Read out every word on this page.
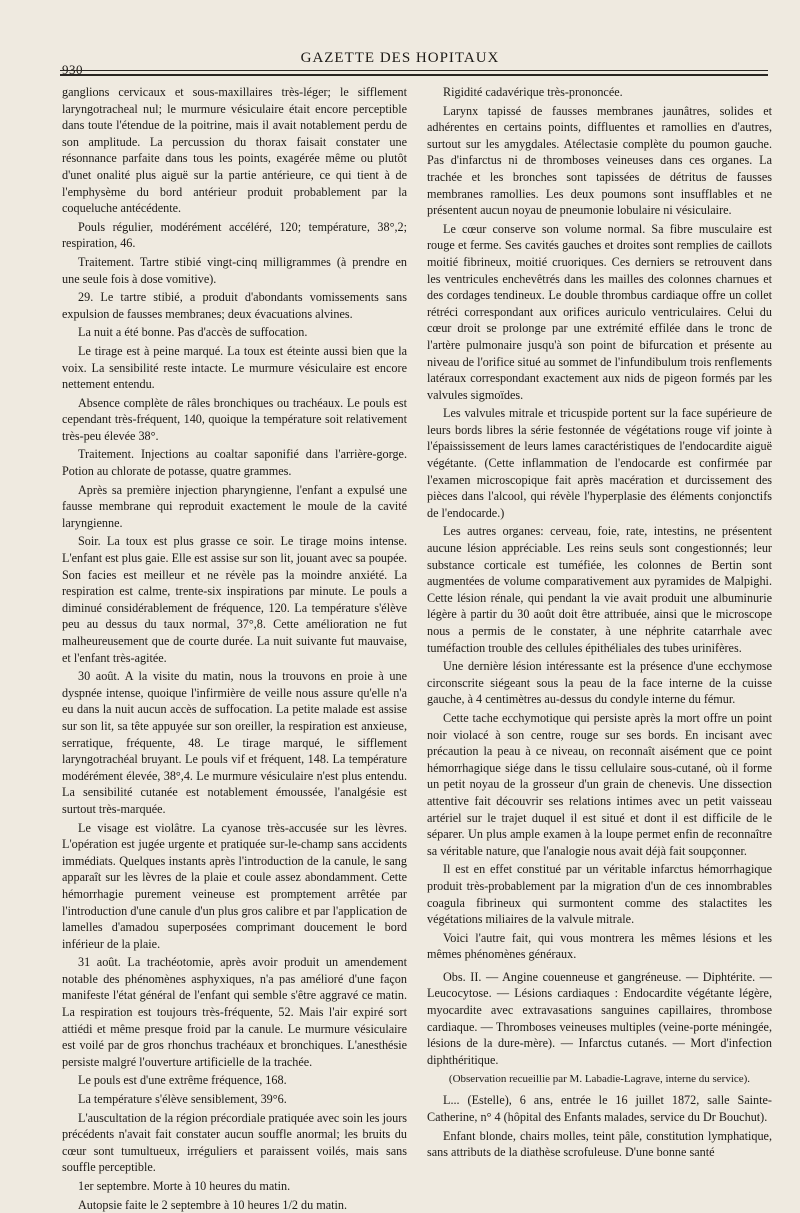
930
GAZETTE DES HOPITAUX

ganglions cervicaux et sous-maxillaires très-léger; le sifflement laryngotracheal nul; le murmure vésiculaire était encore perceptible dans toute l'étendue de la poitrine, mais il avait notablement perdu de son amplitude. La percussion du thorax faisait constater une résonnance parfaite dans tous les points, exagérée même ou plutôt d'unet onalité plus aiguë sur la partie antérieure, ce qui tient à de l'emphysème du bord antérieur produit probablement par la coqueluche antécédente.

Pouls régulier, modérément accéléré, 120; température, 38°,2; respiration, 46.

Traitement. Tartre stibié vingt-cinq milligrammes (à prendre en une seule fois à dose vomitive).

29. Le tartre stibié, a produit d'abondants vomissements sans expulsion de fausses membranes; deux évacuations alvines.

La nuit a été bonne. Pas d'accès de suffocation.

Le tirage est à peine marqué. La toux est éteinte aussi bien que la voix. La sensibilité reste intacte. Le murmure vésiculaire est encore nettement entendu.

Absence complète de râles bronchiques ou trachéaux. Le pouls est cependant très-fréquent, 140, quoique la température soit relativement très-peu élevée 38°.

Traitement. Injections au coaltar saponifié dans l'arrière-gorge. Potion au chlorate de potasse, quatre grammes.

Après sa première injection pharyngienne, l'enfant a expulsé une fausse membrane qui reproduit exactement le moule de la cavité laryngienne.

Soir. La toux est plus grasse ce soir. Le tirage moins intense. L'enfant est plus gaie. Elle est assise sur son lit, jouant avec sa poupée. Son facies est meilleur et ne révèle pas la moindre anxiété. La respiration est calme, trente-six inspirations par minute. Le pouls a diminué considérablement de fréquence, 120. La température s'élève peu au dessus du taux normal, 37°,8. Cette amélioration ne fut malheureusement que de courte durée. La nuit suivante fut mauvaise, et l'enfant très-agitée.

30 août. A la visite du matin, nous la trouvons en proie à une dyspnée intense, quoique l'infirmière de veille nous assure qu'elle n'a eu dans la nuit aucun accès de suffocation. La petite malade est assise sur son lit, sa tête appuyée sur son oreiller, la respiration est anxieuse, serratique, fréquente, 48. Le tirage marqué, le sifflement laryngotrachéal bruyant. Le pouls vif et fréquent, 148. La température modérément élevée, 38°,4. Le murmure vésiculaire n'est plus entendu. La sensibilité cutanée est notablement émoussée, l'analgésie est surtout très-marquée.

Le visage est violâtre. La cyanose très-accusée sur les lèvres. L'opération est jugée urgente et pratiquée sur-le-champ sans accidents immédiats. Quelques instants après l'introduction de la canule, le sang apparaît sur les lèvres de la plaie et coule assez abondamment. Cette hémorrhagie purement veineuse est promptement arrêtée par l'introduction d'une canule d'un plus gros calibre et par l'application de lamelles d'amadou superposées comprimant doucement le bord inférieur de la plaie.

31 août. La trachéotomie, après avoir produit un amendement notable des phénomènes asphyxiques, n'a pas amélioré d'une façon manifeste l'état général de l'enfant qui semble s'être aggravé ce matin. La respiration est toujours très-fréquente, 52. Mais l'air expiré sort attiédi et même presque froid par la canule. Le murmure vésiculaire est voilé par de gros rhonchus trachéaux et bronchiques. L'anesthésie persiste malgré l'ouverture artificielle de la trachée.

Le pouls est d'une extrême fréquence, 168.

La température s'élève sensiblement, 39°6.

L'auscultation de la région précordiale pratiquée avec soin les jours précédents n'avait fait constater aucun souffle anormal; les bruits du cœur sont tumultueux, irréguliers et paraissent voilés, mais sans souffle perceptible.

1er septembre. Morte à 10 heures du matin.

Autopsie faite le 2 septembre à 10 heures 1/2 du matin.

Rigidité cadavérique très-prononcée.

Larynx tapissé de fausses membranes jaunâtres, solides et adhérentes en certains points, diffluentes et ramollies en d'autres, surtout sur les amygdales. Atélectasie complète du poumon gauche. Pas d'infarctus ni de thromboses veineuses dans ces organes. La trachée et les bronches sont tapissées de détritus de fausses membranes ramollies. Les deux poumons sont insufflables et ne présentent aucun noyau de pneumonie lobulaire ni vésiculaire.

Le cœur conserve son volume normal. Sa fibre musculaire est rouge et ferme. Ses cavités gauches et droites sont remplies de caillots moitié fibrineux, moitié cruoriques. Ces derniers se retrouvent dans les ventricules enchevêtrés dans les mailles des colonnes charnues et des cordages tendineux. Le double thrombus cardiaque offre un collet rétréci correspondant aux orifices auriculo ventriculaires. Celui du cœur droit se prolonge par une extrémité effilée dans le tronc de l'artère pulmonaire jusqu'à son point de bifurcation et présente au niveau de l'orifice situé au sommet de l'infundibulum trois renflements latéraux correspondant exactement aux nids de pigeon formés par les valvules sigmoïdes.

Les valvules mitrale et tricuspide portent sur la face supérieure de leurs bords libres la série festonnée de végétations rouge vif jointe à l'épaississement de leurs lames caractéristiques de l'endocardite aiguë végétante. (Cette inflammation de l'endocarde est confirmée par l'examen microscopique fait après macération et durcissement des pièces dans l'alcool, qui révèle l'hyperplasie des éléments conjonctifs de l'endocarde.)

Les autres organes: cerveau, foie, rate, intestins, ne présentent aucune lésion appréciable. Les reins seuls sont congestionnés; leur substance corticale est tuméfiée, les colonnes de Bertin sont augmentées de volume comparativement aux pyramides de Malpighi. Cette lésion rénale, qui pendant la vie avait produit une albuminurie légère à partir du 30 août doit être attribuée, ainsi que le microscope nous a permis de le constater, à une néphrite catarrhale avec tuméfaction trouble des cellules épithéliales des tubes urinifères.

Une dernière lésion intéressante est la présence d'une ecchymose circonscrite siégeant sous la peau de la face interne de la cuisse gauche, à 4 centimètres au-dessus du condyle interne du fémur.

Cette tache ecchymotique qui persiste après la mort offre un point noir violacé à son centre, rouge sur ses bords. En incisant avec précaution la peau à ce niveau, on reconnaît aisément que ce point hémorrhagique siége dans le tissu cellulaire sous-cutané, où il forme un petit noyau de la grosseur d'un grain de chenevis. Une dissection attentive fait découvrir ses relations intimes avec un petit vaisseau artériel sur le trajet duquel il est situé et dont il est difficile de le séparer. Un plus ample examen à la loupe permet enfin de reconnaître sa véritable nature, que l'analogie nous avait déjà fait soupçonner.

Il est en effet constitué par un véritable infarctus hémorrhagique produit très-probablement par la migration d'un de ces innombrables coagula fibrineux qui surmontent comme des stalactites les végétations miliaires de la valvule mitrale.

Voici l'autre fait, qui vous montrera les mêmes lésions et les mêmes phénomènes généraux.

Obs. II. — Angine couenneuse et gangréneuse. — Diphtérite. — Leucocytose. — Lésions cardiaques : Endocardite végétante légère, myocardite avec extravasations sanguines capillaires, thrombose cardiaque. — Thromboses veineuses multiples (veine-porte méningée, lésions de la dure-mère). — Infarctus cutanés. — Mort d'infection diphthéritique.

(Observation recueillie par M. Labadie-Lagrave, interne du service).

L... (Estelle), 6 ans, entrée le 16 juillet 1872, salle Sainte-Catherine, n° 4 (hôpital des Enfants malades, service du Dr Bouchut).

Enfant blonde, chairs molles, teint pâle, constitution lymphatique, sans attributs de la diathèse scrofuleuse. D'une bonne santé
